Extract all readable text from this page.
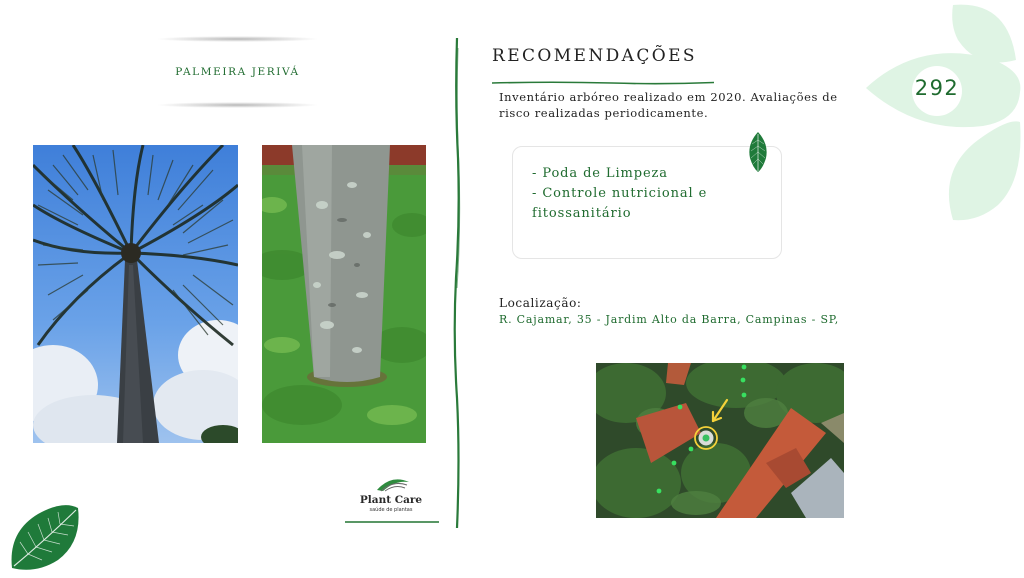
PALMEIRA JERIVÁ
Plant Care
saúde de plantas
RECOMENDAÇÕES
Inventário arbóreo realizado em 2020. Avaliações de risco realizadas periodicamente.
- Poda de Limpeza
- Controle nutricional e fitossanitário
Localização:
R. Cajamar, 35 - Jardim Alto da Barra, Campinas - SP,
292
